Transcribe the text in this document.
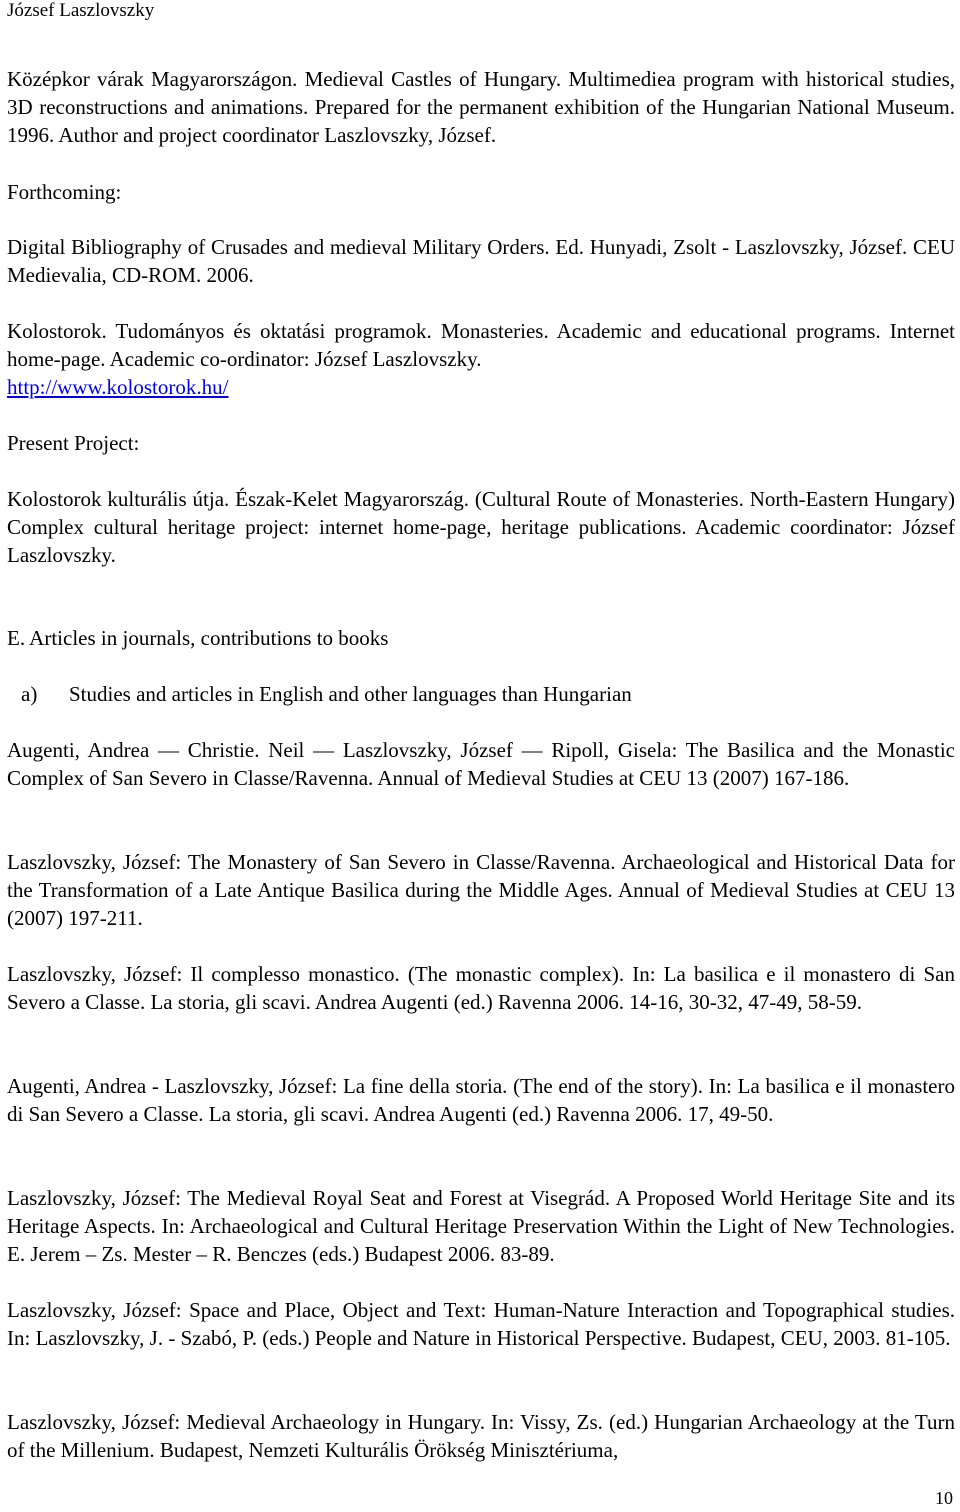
József Laszlovszky

Középkor várak Magyarországon. Medieval Castles of Hungary. Multimediea program with historical studies, 3D reconstructions and animations. Prepared for the permanent exhibition of the Hungarian National Museum. 1996. Author and project coordinator Laszlovszky, József.

Forthcoming:

Digital Bibliography of Crusades and medieval Military Orders. Ed. Hunyadi, Zsolt - Laszlovszky, József. CEU Medievalia, CD-ROM. 2006.

Kolostorok. Tudományos és oktatási programok. Monasteries. Academic and educational programs. Internet home-page. Academic co-ordinator: József Laszlovszky.
http://www.kolostorok.hu/

Present Project:

Kolostorok kulturális útja. Észak-Kelet Magyarország. (Cultural Route of Monasteries. North-Eastern Hungary) Complex cultural heritage project: internet home-page, heritage publications. Academic coordinator: József Laszlovszky.

E. Articles in journals, contributions to books
a) Studies and articles in English and other languages than Hungarian

Augenti, Andrea — Christie. Neil — Laszlovszky, József — Ripoll, Gisela: The Basilica and the Monastic Complex of San Severo in Classe/Ravenna. Annual of Medieval Studies at CEU 13 (2007) 167-186.

Laszlovszky, József: The Monastery of San Severo in Classe/Ravenna. Archaeological and Historical Data for the Transformation of a Late Antique Basilica during the Middle Ages. Annual of Medieval Studies at CEU 13 (2007) 197-211.

Laszlovszky, József: Il complesso monastico. (The monastic complex). In: La basilica e il monastero di San Severo a Classe. La storia, gli scavi. Andrea Augenti (ed.) Ravenna 2006. 14-16, 30-32, 47-49, 58-59.

Augenti, Andrea - Laszlovszky, József: La fine della storia. (The end of the story). In: La basilica e il monastero di San Severo a Classe. La storia, gli scavi. Andrea Augenti (ed.) Ravenna 2006. 17, 49-50.

Laszlovszky, József: The Medieval Royal Seat and Forest at Visegrád. A Proposed World Heritage Site and its Heritage Aspects. In: Archaeological and Cultural Heritage Preservation Within the Light of New Technologies. E. Jerem – Zs. Mester – R. Benczes (eds.) Budapest 2006. 83-89.

Laszlovszky, József: Space and Place, Object and Text: Human-Nature Interaction and Topographical studies. In: Laszlovszky, J. - Szabó, P. (eds.) People and Nature in Historical Perspective. Budapest, CEU, 2003. 81-105.

Laszlovszky, József: Medieval Archaeology in Hungary. In: Vissy, Zs. (ed.) Hungarian Archaeology at the Turn of the Millenium. Budapest, Nemzeti Kulturális Örökség Minisztériuma,

10
